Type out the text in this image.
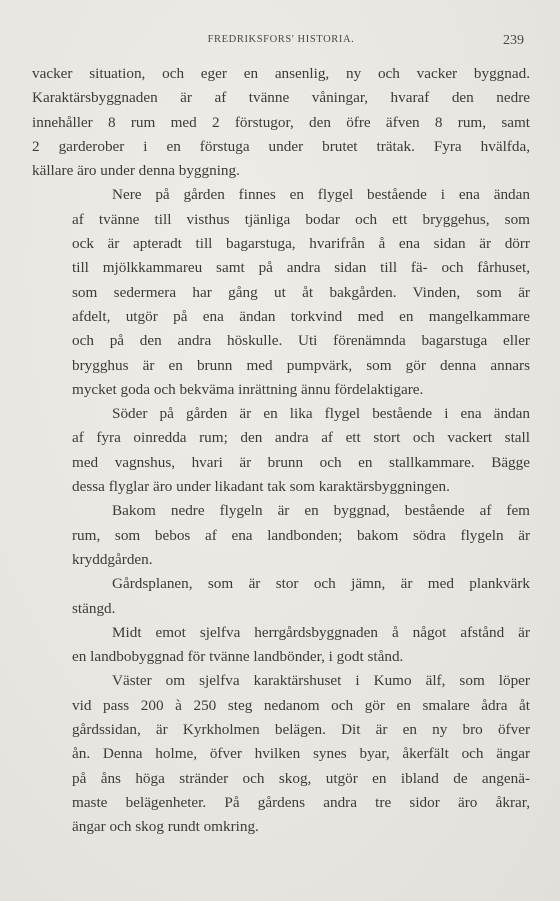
FREDRIKSFORS' HISTORIA.	239
vacker situation, och eger en ansenlig, ny och vacker byggnad.
Karaktärsbyggnaden är af tvänne våningar, hvaraf den nedre
innehåller 8 rum med 2 förstugor, den öfre äfven 8 rum, samt
2 garderober i en förstuga under brutet trätak. Fyra hvälfda,
källare äro under denna byggning.
Nere på gården finnes en flygel bestående i ena ändan
af tvänne till visthus tjänliga bodar och ett bryggehus, som
ock är apteradt till bagarstuga, hvarifrån å ena sidan är dörr
till mjölkkammareu samt på andra sidan till fä- och fårhuset,
som sedermera har gång ut åt bakgården. Vinden, som är
afdelt, utgör på ena ändan torkvind med en mangelkammare
och på den andra höskulle. Uti förenämnda bagarstuga eller
brygghus är en brunn med pumpvärk, som gör denna annars
mycket goda och bekväma inrättning ännu fördelaktigare.
Söder på gården är en lika flygel bestående i ena ändan
af fyra oinredda rum; den andra af ett stort och vackert stall
med vagnshus, hvari är brunn och en stallkammare. Bägge
dessa flyglar äro under likadant tak som karaktärsbyggningen.
Bakom nedre flygeln är en byggnad, bestående af fem
rum, som bebos af ena landbonden; bakom södra flygeln är
kryddgården.
Gårdsplanen, som är stor och jämn, är med plankvärk
stängd.
Midt emot sjelfva herrgårdsbyggnaden å något afstånd är
en landbobyggnad för tvänne landbönder, i godt stånd.
Väster om sjelfva karaktärshuset i Kumo älf, som löper
vid pass 200 à 250 steg nedanom och gör en smalare ådra åt
gårdssidan, är Kyrkholmen belägen. Dit är en ny bro öfver
ån. Denna holme, öfver hvilken synes byar, åkerfält och ängar
på åns höga stränder och skog, utgör en ibland de angenä-
maste belägenheter. På gårdens andra tre sidor äro åkrar,
ängar och skog rundt omkring.
